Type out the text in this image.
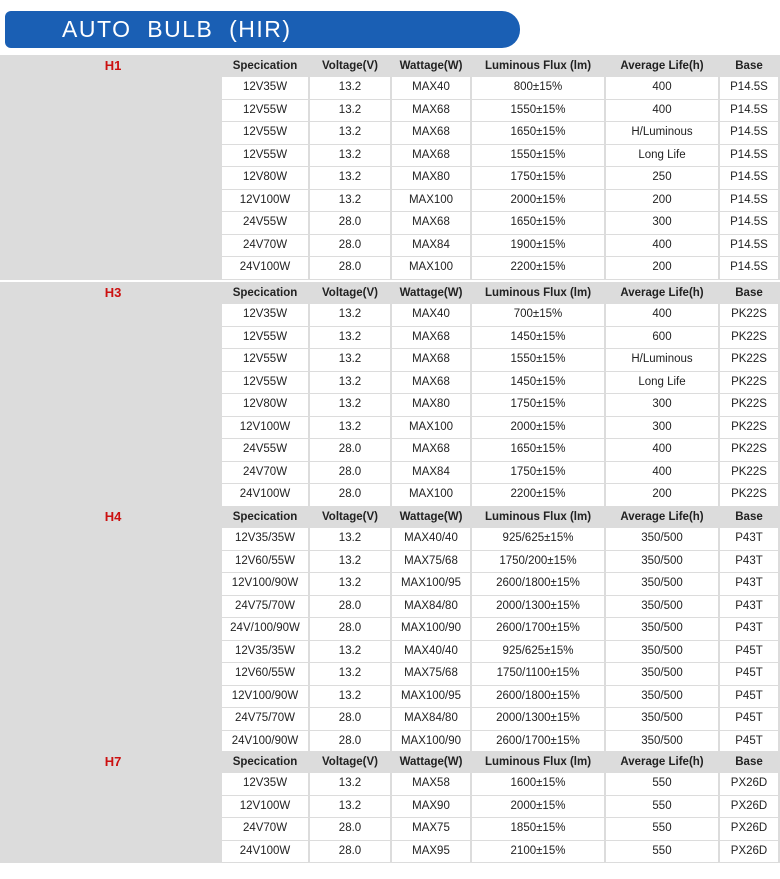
AUTO  BULB  (HIR)
H1	Specication	Voltage(V)	Wattage(W)	Luminous Flux (lm)	Average Life(h)	Base
12V35W	13.2	MAX40	800±15%	400	P14.5S
12V55W	13.2	MAX68	1550±15%	400	P14.5S
12V55W	13.2	MAX68	1650±15%	H/Luminous	P14.5S
12V55W	13.2	MAX68	1550±15%	Long Life	P14.5S
12V80W	13.2	MAX80	1750±15%	250	P14.5S
12V100W	13.2	MAX100	2000±15%	200	P14.5S
24V55W	28.0	MAX68	1650±15%	300	P14.5S
24V70W	28.0	MAX84	1900±15%	400	P14.5S
24V100W	28.0	MAX100	2200±15%	200	P14.5S
H3	Specication	Voltage(V)	Wattage(W)	Luminous Flux (lm)	Average Life(h)	Base
12V35W	13.2	MAX40	700±15%	400	PK22S
12V55W	13.2	MAX68	1450±15%	600	PK22S
12V55W	13.2	MAX68	1550±15%	H/Luminous	PK22S
12V55W	13.2	MAX68	1450±15%	Long Life	PK22S
12V80W	13.2	MAX80	1750±15%	300	PK22S
12V100W	13.2	MAX100	2000±15%	300	PK22S
24V55W	28.0	MAX68	1650±15%	400	PK22S
24V70W	28.0	MAX84	1750±15%	400	PK22S
24V100W	28.0	MAX100	2200±15%	200	PK22S
H4	Specication	Voltage(V)	Wattage(W)	Luminous Flux (lm)	Average Life(h)	Base
12V35/35W	13.2	MAX40/40	925/625±15%	350/500	P43T
12V60/55W	13.2	MAX75/68	1750/200±15%	350/500	P43T
12V100/90W	13.2	MAX100/95	2600/1800±15%	350/500	P43T
24V75/70W	28.0	MAX84/80	2000/1300±15%	350/500	P43T
24V/100/90W	28.0	MAX100/90	2600/1700±15%	350/500	P43T
12V35/35W	13.2	MAX40/40	925/625±15%	350/500	P45T
12V60/55W	13.2	MAX75/68	1750/1100±15%	350/500	P45T
12V100/90W	13.2	MAX100/95	2600/1800±15%	350/500	P45T
24V75/70W	28.0	MAX84/80	2000/1300±15%	350/500	P45T
24V100/90W	28.0	MAX100/90	2600/1700±15%	350/500	P45T
H7	Specication	Voltage(V)	Wattage(W)	Luminous Flux (lm)	Average Life(h)	Base
12V35W	13.2	MAX58	1600±15%	550	PX26D
12V100W	13.2	MAX90	2000±15%	550	PX26D
24V70W	28.0	MAX75	1850±15%	550	PX26D
24V100W	28.0	MAX95	2100±15%	550	PX26D
